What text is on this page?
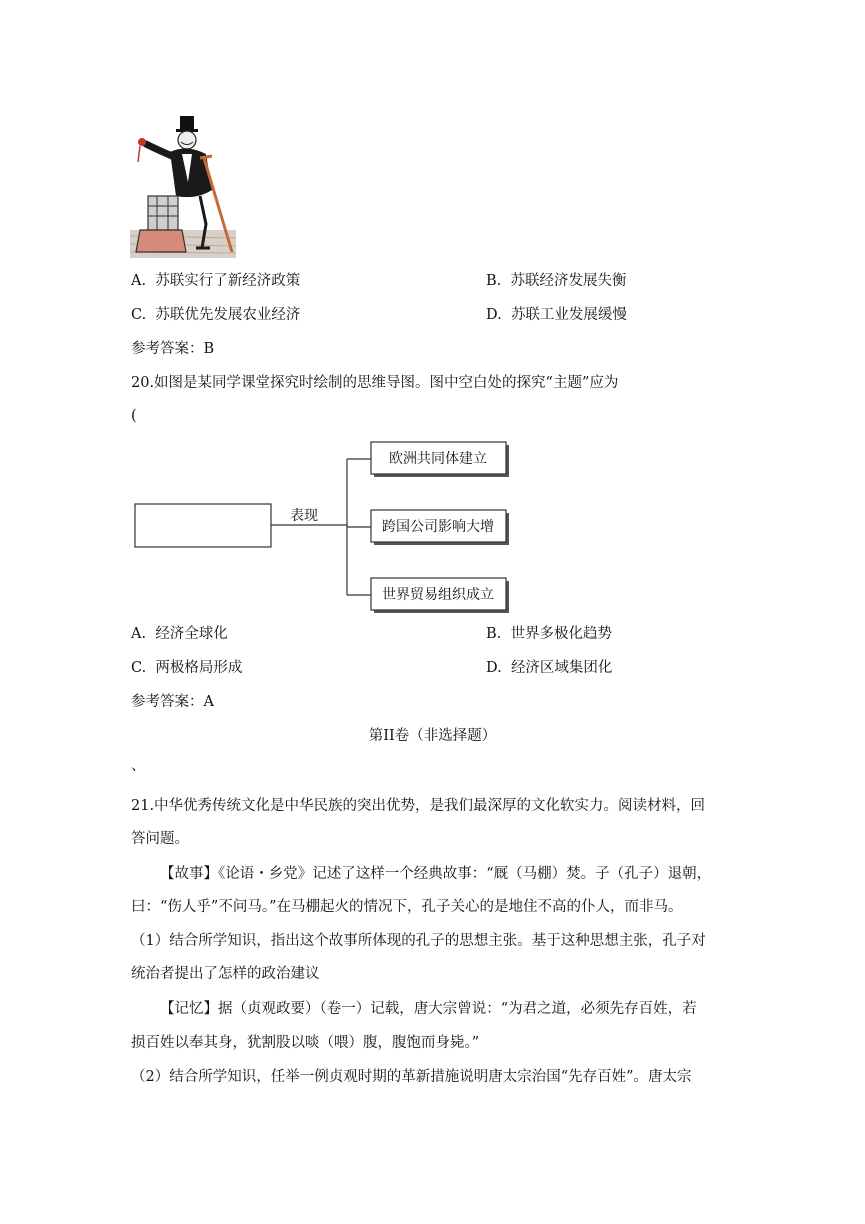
A. 苏联实行了新经济政策	B. 苏联经济发展失衡
C. 苏联优先发展农业经济	D. 苏联工业发展缓慢
参考答案：B
20.如图是某同学课堂探究时绘制的思维导图。图中空白处的探究“主题”应为
(
表现
欧洲共同体建立
跨国公司影响大增
世界贸易组织成立
A. 经济全球化	B. 世界多极化趋势
C. 两极格局形成	D. 经济区域集团化
参考答案：A
第II卷（非选择题）
、
21.中华优秀传统文化是中华民族的突出优势，是我们最深厚的文化软实力。阅读材料，回
答问题。
【故事】《论语・乡党》记述了这样一个经典故事：“厩（马棚）焚。子（孔子）退朝，
曰：“伤人乎”不问马。”在马棚起火的情况下，孔子关心的是地住不高的仆人，而非马。
（1）结合所学知识，指出这个故事所体现的孔子的思想主张。基于这种思想主张，孔子对
统治者提出了怎样的政治建议
【记忆】据（贞观政要）（卷一）记载，唐大宗曾说：“为君之道，必须先存百姓，若
损百姓以奉其身，犹割股以啖（喂）腹，腹饱而身毙。”
（2）结合所学知识，任举一例贞观时期的革新措施说明唐太宗治国“先存百姓”。唐太宗
